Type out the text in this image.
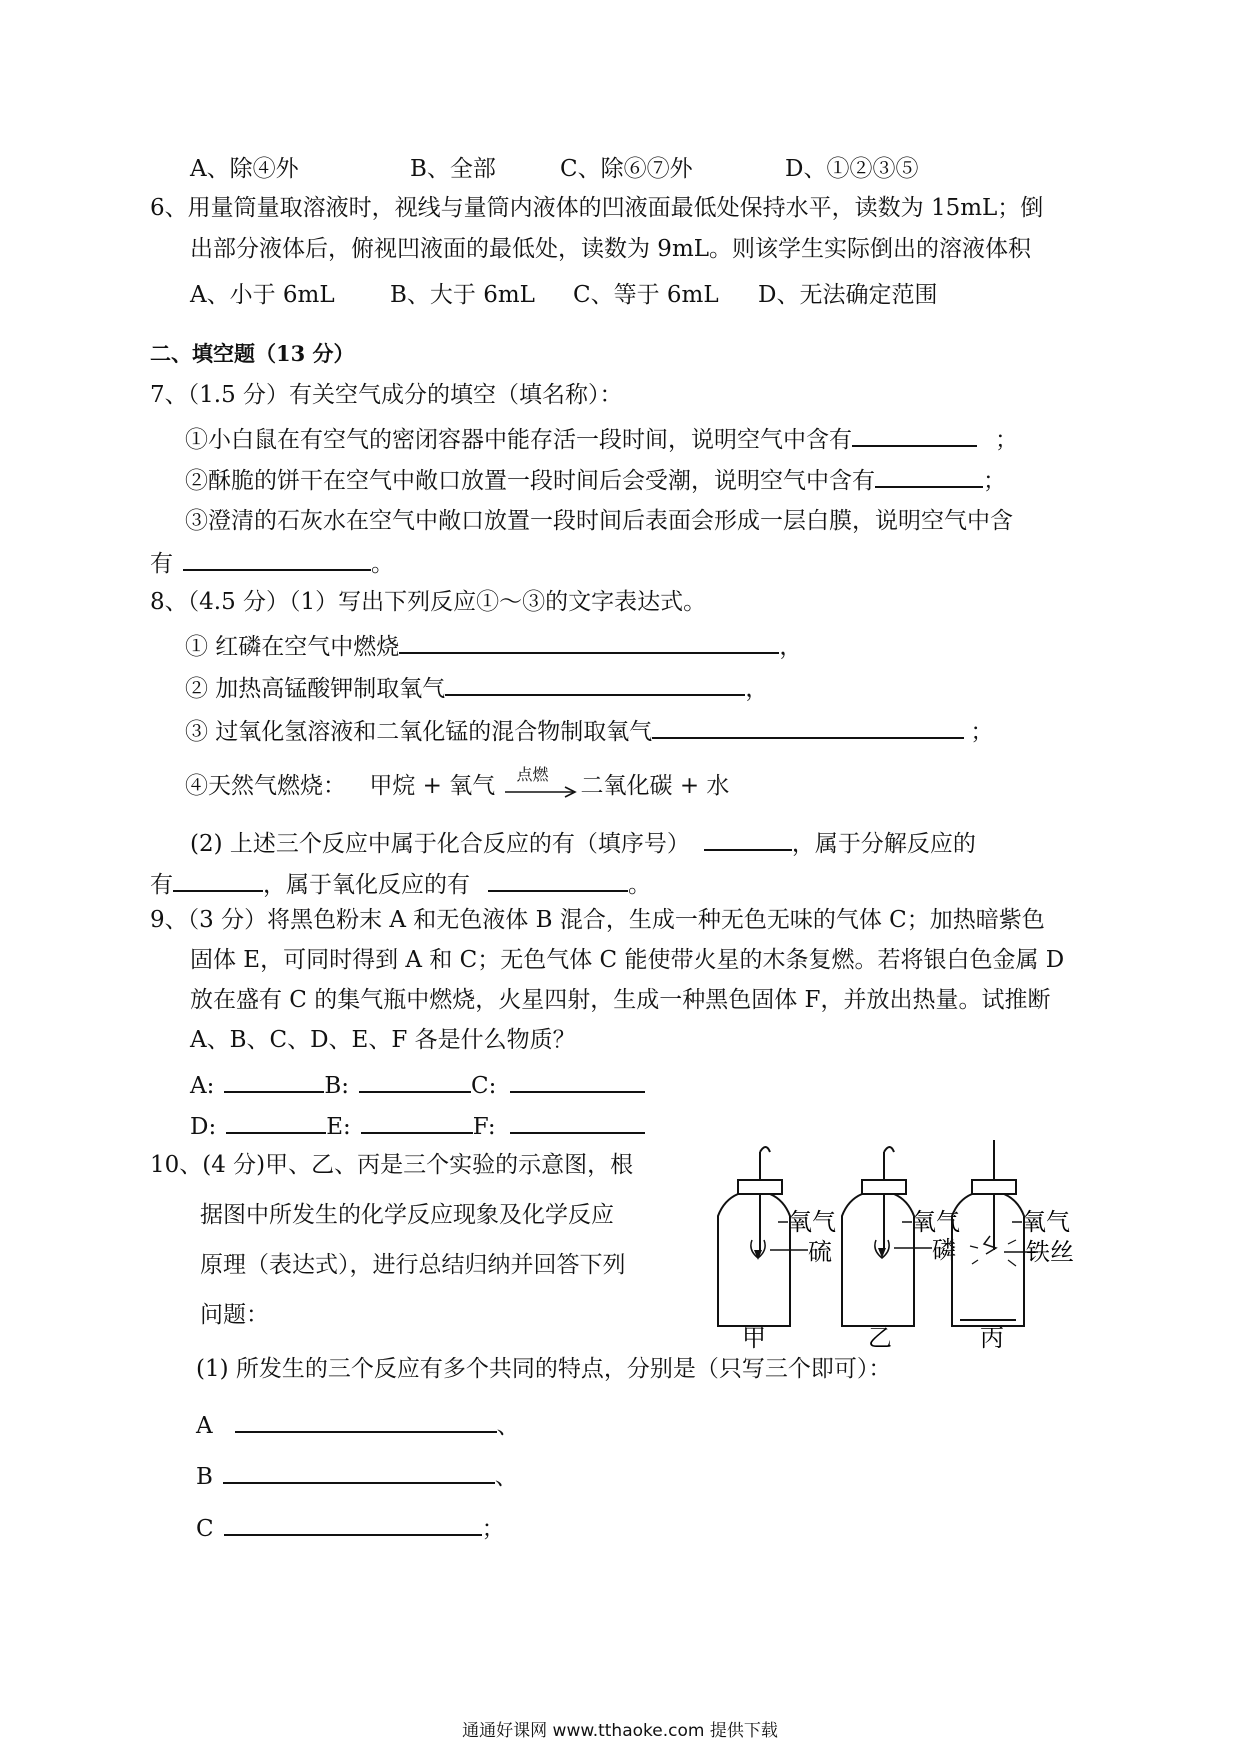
A、除④外	B、全部	C、除⑥⑦外	D、①②③⑤
6、用量筒量取溶液时，视线与量筒内液体的凹液面最低处保持水平，读数为 15mL；倒
出部分液体后，俯视凹液面的最低处，读数为 9mL。则该学生实际倒出的溶液体积
A、小于 6mL B、大于 6mL C、等于 6mL D、无法确定范围
二、填空题（13 分）
7、（1.5 分）有关空气成分的填空（填名称）：
①小白鼠在有空气的密闭容器中能存活一段时间，说明空气中含有	；
②酥脆的饼干在空气中敞口放置一段时间后会受潮，说明空气中含有	；
③澄清的石灰水在空气中敞口放置一段时间后表面会形成一层白膜，说明空气中含
有	。
8、（4.5 分）（1）写出下列反应①～③的文字表达式。
① 红磷在空气中燃烧	，
② 加热高锰酸钾制取氧气	，
③ 过氧化氢溶液和二氧化锰的混合物制取氧气	；
④天然气燃烧： 甲烷 + 氧气 点燃 二氧化碳 + 水
(2) 上述三个反应中属于化合反应的有（填序号）	，属于分解反应的
有	，属于氧化反应的有	。
9、（3 分）将黑色粉末 A 和无色液体 B 混合，生成一种无色无味的气体 C；加热暗紫色
固体 E，可同时得到 A 和 C；无色气体 C 能使带火星的木条复燃。若将银白色金属 D
放在盛有 C 的集气瓶中燃烧，火星四射，生成一种黑色固体 F，并放出热量。试推断
A、B、C、D、E、F 各是什么物质？
A:	B:	C:
D:	E:	F:
10、(4 分)甲、乙、丙是三个实验的示意图，根
据图中所发生的化学反应现象及化学反应
原理（表达式），进行总结归纳并回答下列
问题：
(1) 所发生的三个反应有多个共同的特点，分别是（只写三个即可）：
A	、
B	、
C	；
氧气
硫
甲
氧气
磷
乙
氧气
铁丝
丙
通通好课网 www.tthaoke.com 提供下载
